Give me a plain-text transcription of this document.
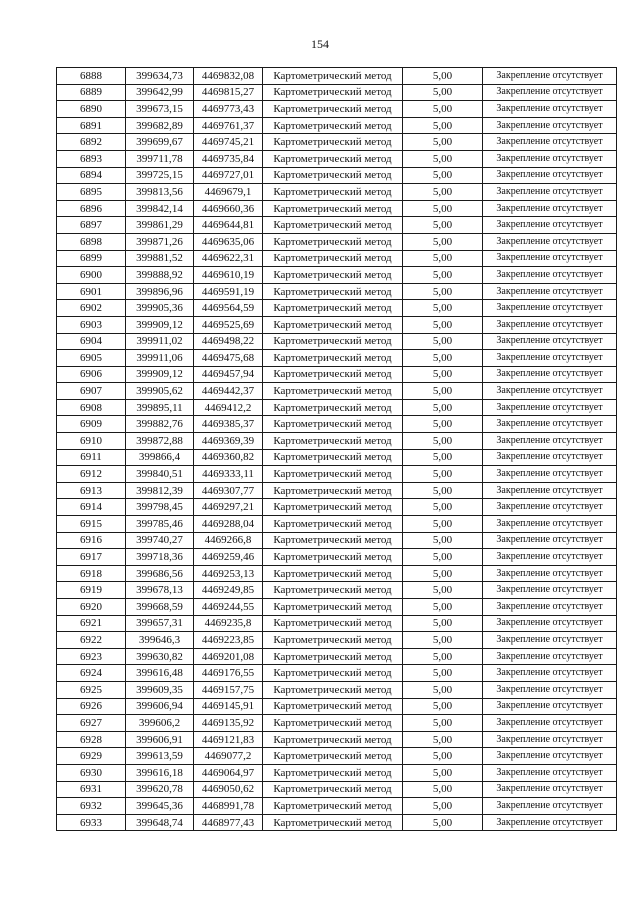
154
6888	399634,73	4469832,08	Картометрический метод	5,00	Закрепление отсутствует
6889	399642,99	4469815,27	Картометрический метод	5,00	Закрепление отсутствует
6890	399673,15	4469773,43	Картометрический метод	5,00	Закрепление отсутствует
6891	399682,89	4469761,37	Картометрический метод	5,00	Закрепление отсутствует
6892	399699,67	4469745,21	Картометрический метод	5,00	Закрепление отсутствует
6893	399711,78	4469735,84	Картометрический метод	5,00	Закрепление отсутствует
6894	399725,15	4469727,01	Картометрический метод	5,00	Закрепление отсутствует
6895	399813,56	4469679,1	Картометрический метод	5,00	Закрепление отсутствует
6896	399842,14	4469660,36	Картометрический метод	5,00	Закрепление отсутствует
6897	399861,29	4469644,81	Картометрический метод	5,00	Закрепление отсутствует
6898	399871,26	4469635,06	Картометрический метод	5,00	Закрепление отсутствует
6899	399881,52	4469622,31	Картометрический метод	5,00	Закрепление отсутствует
6900	399888,92	4469610,19	Картометрический метод	5,00	Закрепление отсутствует
6901	399896,96	4469591,19	Картометрический метод	5,00	Закрепление отсутствует
6902	399905,36	4469564,59	Картометрический метод	5,00	Закрепление отсутствует
6903	399909,12	4469525,69	Картометрический метод	5,00	Закрепление отсутствует
6904	399911,02	4469498,22	Картометрический метод	5,00	Закрепление отсутствует
6905	399911,06	4469475,68	Картометрический метод	5,00	Закрепление отсутствует
6906	399909,12	4469457,94	Картометрический метод	5,00	Закрепление отсутствует
6907	399905,62	4469442,37	Картометрический метод	5,00	Закрепление отсутствует
6908	399895,11	4469412,2	Картометрический метод	5,00	Закрепление отсутствует
6909	399882,76	4469385,37	Картометрический метод	5,00	Закрепление отсутствует
6910	399872,88	4469369,39	Картометрический метод	5,00	Закрепление отсутствует
6911	399866,4	4469360,82	Картометрический метод	5,00	Закрепление отсутствует
6912	399840,51	4469333,11	Картометрический метод	5,00	Закрепление отсутствует
6913	399812,39	4469307,77	Картометрический метод	5,00	Закрепление отсутствует
6914	399798,45	4469297,21	Картометрический метод	5,00	Закрепление отсутствует
6915	399785,46	4469288,04	Картометрический метод	5,00	Закрепление отсутствует
6916	399740,27	4469266,8	Картометрический метод	5,00	Закрепление отсутствует
6917	399718,36	4469259,46	Картометрический метод	5,00	Закрепление отсутствует
6918	399686,56	4469253,13	Картометрический метод	5,00	Закрепление отсутствует
6919	399678,13	4469249,85	Картометрический метод	5,00	Закрепление отсутствует
6920	399668,59	4469244,55	Картометрический метод	5,00	Закрепление отсутствует
6921	399657,31	4469235,8	Картометрический метод	5,00	Закрепление отсутствует
6922	399646,3	4469223,85	Картометрический метод	5,00	Закрепление отсутствует
6923	399630,82	4469201,08	Картометрический метод	5,00	Закрепление отсутствует
6924	399616,48	4469176,55	Картометрический метод	5,00	Закрепление отсутствует
6925	399609,35	4469157,75	Картометрический метод	5,00	Закрепление отсутствует
6926	399606,94	4469145,91	Картометрический метод	5,00	Закрепление отсутствует
6927	399606,2	4469135,92	Картометрический метод	5,00	Закрепление отсутствует
6928	399606,91	4469121,83	Картометрический метод	5,00	Закрепление отсутствует
6929	399613,59	4469077,2	Картометрический метод	5,00	Закрепление отсутствует
6930	399616,18	4469064,97	Картометрический метод	5,00	Закрепление отсутствует
6931	399620,78	4469050,62	Картометрический метод	5,00	Закрепление отсутствует
6932	399645,36	4468991,78	Картометрический метод	5,00	Закрепление отсутствует
6933	399648,74	4468977,43	Картометрический метод	5,00	Закрепление отсутствует
